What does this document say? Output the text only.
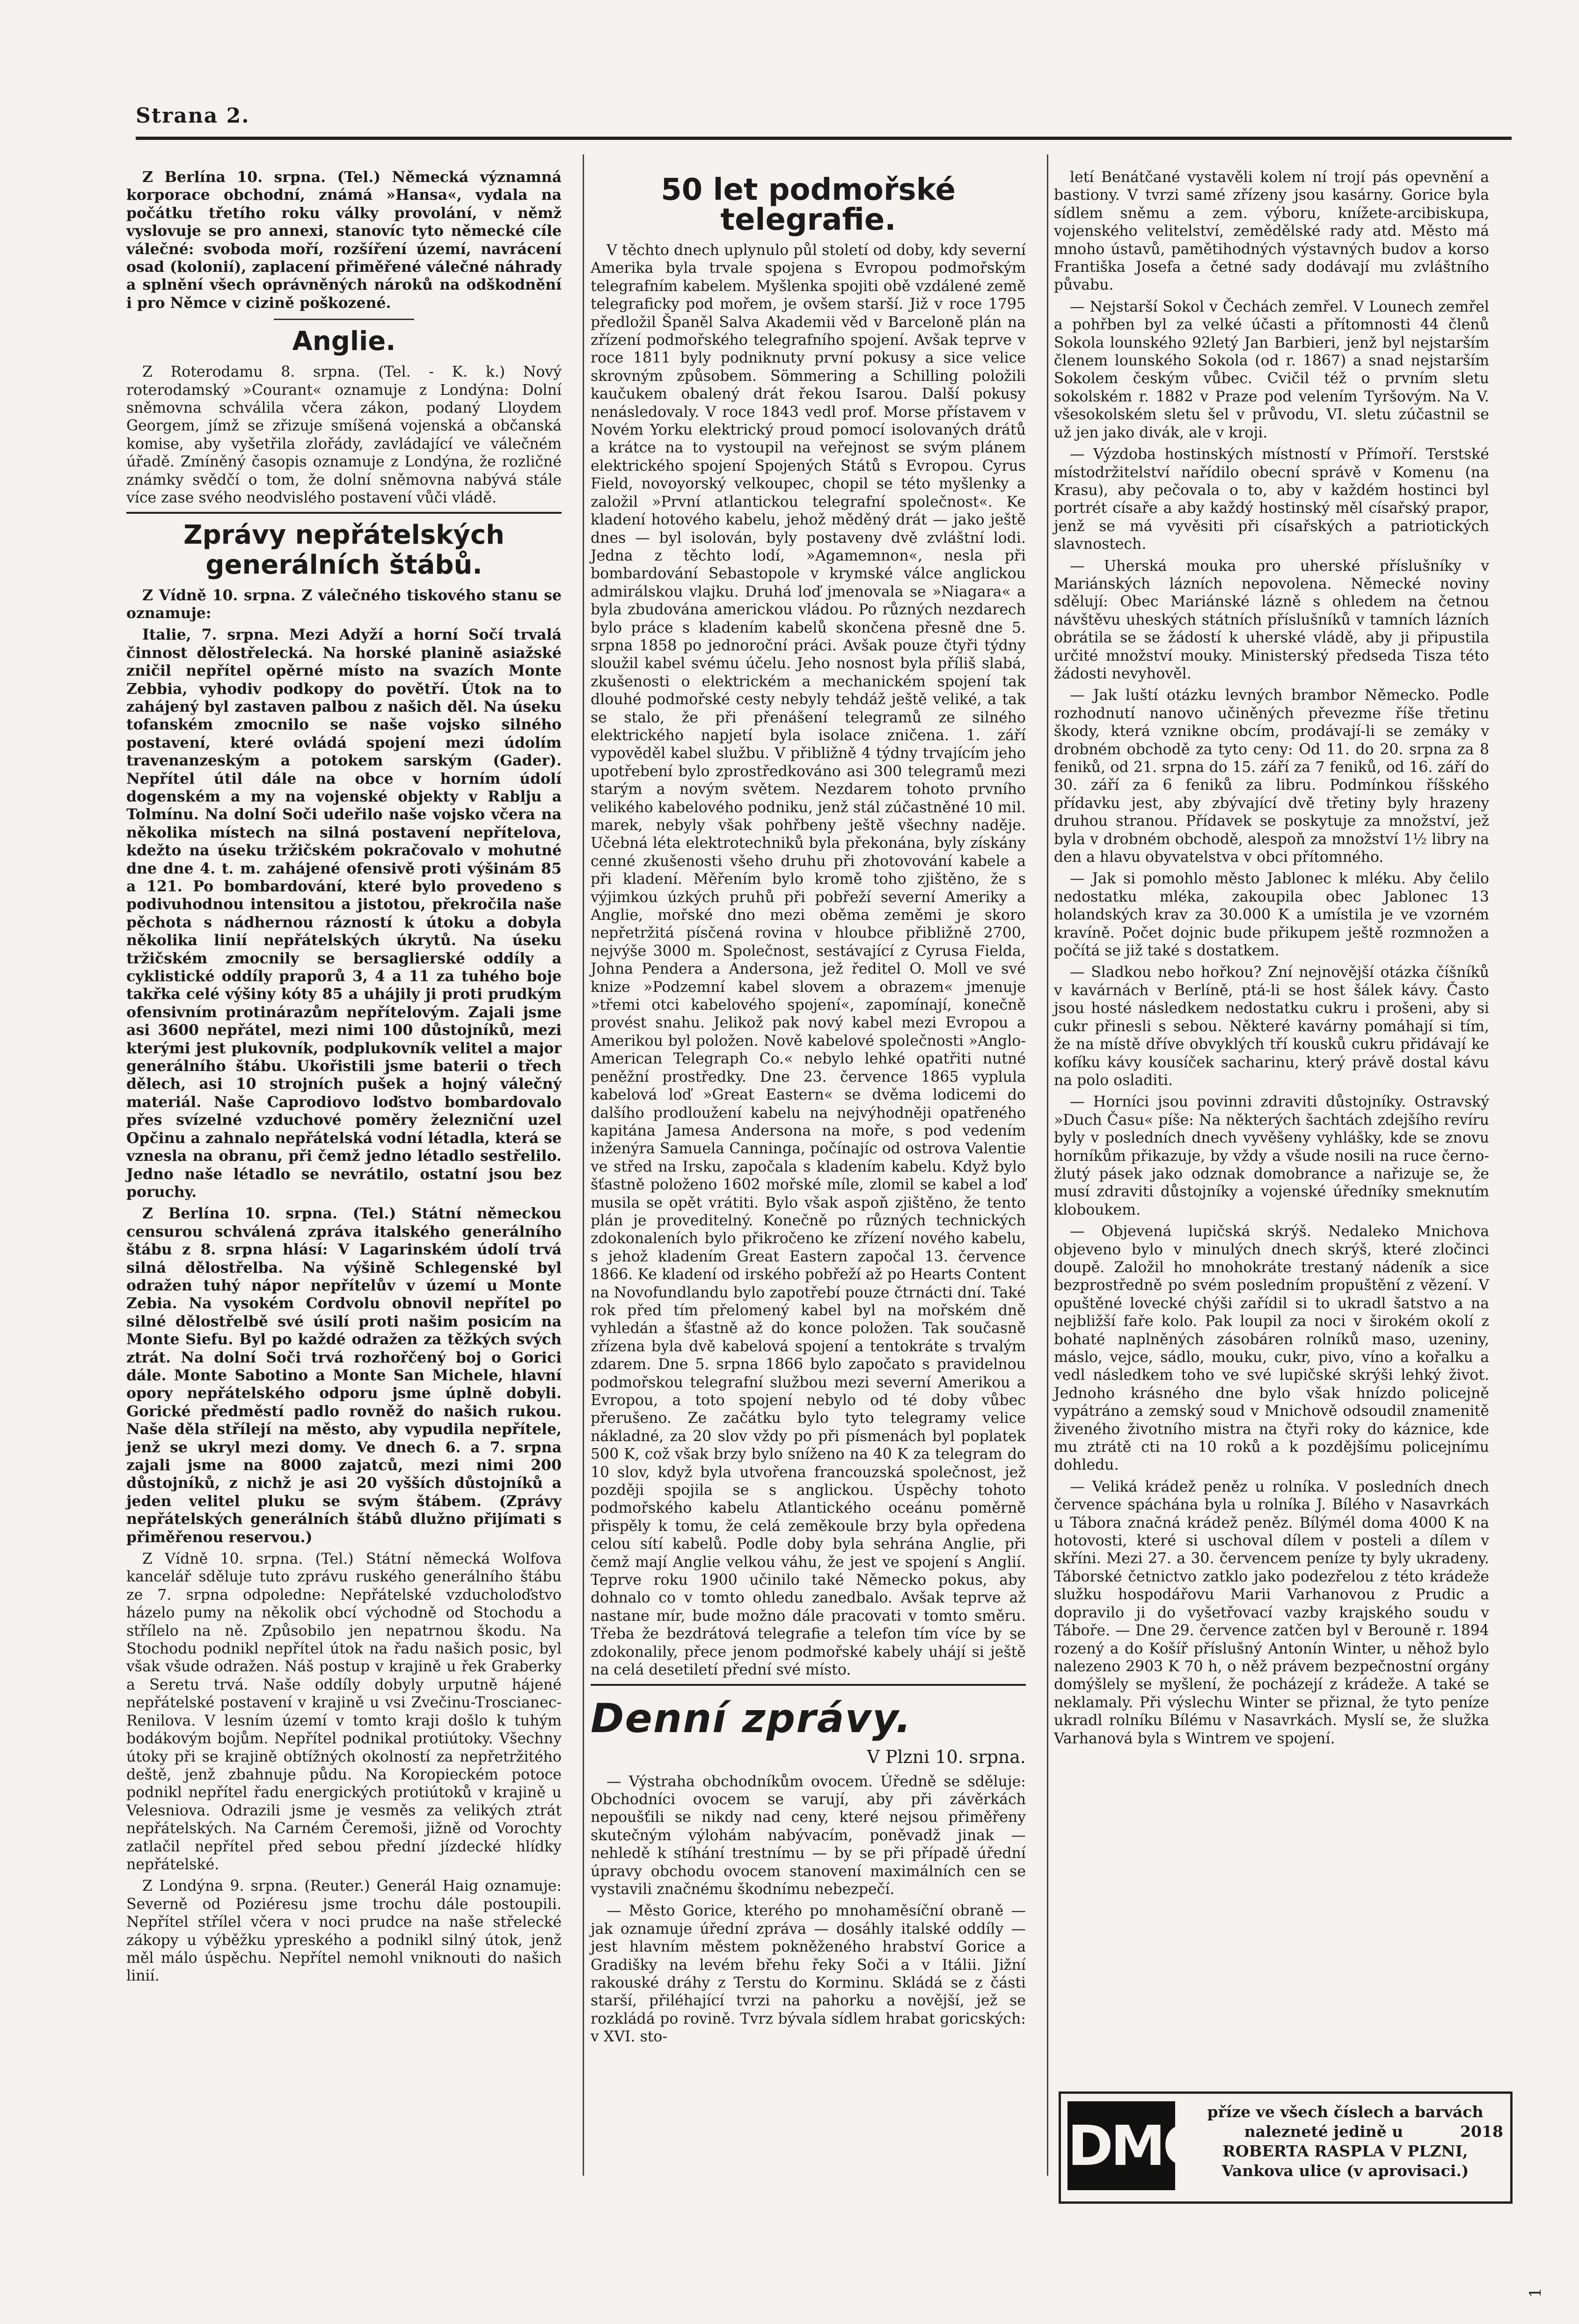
Strana 2.

Z Berlína 10. srpna. (Tel.) Německá významná korporace obchodní, známá »Hansa«, vydala na počátku třetího roku války provolání, v němž vyslovuje se pro annexi, stanovíc tyto německé cíle válečné: svoboda moří, rozšíření území, navrácení osad (kolonií), zaplacení přiměřené válečné náhrady a splnění všech oprávněných nároků na odškodnění i pro Němce v cizině poškozené.

Anglie.

Z Roterodamu 8. srpna. (Tel. - K. k.) Nový roterodamský »Courant« oznamuje z Londýna: Dolní sněmovna schválila včera zákon, podaný Lloydem Georgem, jímž se zřizuje smíšená vojenská a občanská komise, aby vyšetřila zlořády, zavládající ve válečném úřadě. Zmíněný časopis oznamuje z Londýna, že rozličné známky svědčí o tom, že dolní sněmovna nabývá stále více zase svého neodvislého postavení vůči vládě.

Zprávy nepřátelských generálních štábů.

Z Vídně 10. srpna. Z válečného tiskového stanu se oznamuje:

Italie, 7. srpna. Mezi Adyží a horní Sočí trvalá činnost dělostřelecká. Na horské planině asiažské zničil nepřítel opěrné místo na svazích Monte Zebbia, vyhodiv podkopy do povětří. Útok na to zahájený byl zastaven palbou z našich děl. Na úseku tofanském zmocnilo se naše vojsko silného postavení, které ovládá spojení mezi údolím travenanzeským a potokem sarským (Gader). Nepřítel útil dále na obce v horním údolí dogenském a my na vojenské objekty v Rablju a Tolmínu. Na dolní Soči udeřilo naše vojsko včera na několika místech na silná postavení nepřítelova, kdežto na úseku tržičském pokračovalo v mohutné dne dne 4. t. m. zahájené ofensivě proti výšinám 85 a 121. Po bombardování, které bylo provedeno s podivuhodnou intensitou a jistotou, překročila naše pěchota s nádhernou rázností k útoku a dobyla několika linií nepřátelských úkrytů. Na úseku tržičském zmocnily se bersaglierské oddíly a cyklistické oddíly praporů 3, 4 a 11 za tuhého boje takřka celé výšiny kóty 85 a uhájily ji proti prudkým ofensivním protinárazům nepřítelovým. Zajali jsme asi 3600 nepřátel, mezi nimi 100 důstojníků, mezi kterými jest plukovník, podplukovník velitel a major generálního štábu. Ukořistili jsme baterii o třech dělech, asi 10 strojních pušek a hojný válečný materiál. Naše Caprodiovo loďstvo bombardovalo přes svízelné vzduchové poměry železniční uzel Opčinu a zahnalo nepřátelská vodní létadla, která se vznesla na obranu, při čemž jedno létadlo sestřelilo. Jedno naše létadlo se nevrátilo, ostatní jsou bez poruchy.

Z Berlína 10. srpna. (Tel.) Státní německou censurou schválená zpráva italského generálního štábu z 8. srpna hlásí: V Lagarinském údolí trvá silná dělostřelba. Na výšině Schlegenské byl odražen tuhý nápor nepřítelův v území u Monte Zebia. Na vysokém Cordvolu obnovil nepřítel po silné dělostřelbě své úsilí proti našim posicím na Monte Siefu. Byl po každé odražen za těžkých svých ztrát. Na dolní Soči trvá rozhořčený boj o Gorici dále. Monte Sabotino a Monte San Michele, hlavní opory nepřátelského odporu jsme úplně dobyli. Gorické předměstí padlo rovněž do našich rukou. Naše děla střílejí na město, aby vypudila nepřítele, jenž se ukryl mezi domy. Ve dnech 6. a 7. srpna zajali jsme na 8000 zajatců, mezi nimi 200 důstojníků, z nichž je asi 20 vyšších důstojníků a jeden velitel pluku se svým štábem. (Zprávy nepřátelských generálních štábů dlužno přijímati s přiměřenou reservou.)

Z Vídně 10. srpna. (Tel.) Státní německá Wolfova kancelář sděluje tuto zprávu ruského generálního štábu ze 7. srpna odpoledne: Nepřátelské vzducholoďstvo házelo pumy na několik obcí východně od Stochodu a střílelo na ně. Způsobilo jen nepatrnou škodu. Na Stochodu podnikl nepřítel útok na řadu našich posic, byl však všude odražen. Náš postup v krajině u řek Graberky a Seretu trvá. Naše oddíly dobyly urputně hájené nepřátelské postavení v krajině u vsi Zvečinu-Troscianec-Renilova. V lesním území v tomto kraji došlo k tuhým bodákovým bojům. Nepřítel podnikal protiútoky. Všechny útoky při se krajině obtížných okolností za nepřetržitého deště, jenž zbahnuje půdu. Na Koropieckém potoce podnikl nepřítel řadu energických protiútoků v krajině u Velesniova. Odrazili jsme je vesměs za velikých ztrát nepřátelských. Na Carném Čeremoši, jižně od Vorochty zatlačil nepřítel před sebou přední jízdecké hlídky nepřátelské.

Z Londýna 9. srpna. (Reuter.) Generál Haig oznamuje: Severně od Poziéresu jsme trochu dále postoupili. Nepřítel střílel včera v noci prudce na naše střelecké zákopy u výběžku ypreského a podnikl silný útok, jenž měl málo úspěchu. Nepřítel nemohl vniknouti do našich linií.

50 let podmořské telegrafie.

V těchto dnech uplynulo půl století od doby, kdy severní Amerika byla trvale spojena s Evropou podmořským telegrafním kabelem. Myšlenka spojiti obě vzdálené země telegraficky pod mořem, je ovšem starší. Již v roce 1795 předložil Španěl Salva Akademii věd v Barceloně plán na zřízení podmořského telegrafního spojení. Avšak teprve v roce 1811 byly podniknuty první pokusy a sice velice skrovným způsobem. Sömmering a Schilling položili kaučukem obalený drát řekou Isarou. Další pokusy nenásledovaly. V roce 1843 vedl prof. Morse přístavem v Novém Yorku elektrický proud pomocí isolovaných drátů a krátce na to vystoupil na veřejnost se svým plánem elektrického spojení Spojených Států s Evropou. Cyrus Field, novoyorský velkoupec, chopil se této myšlenky a založil »První atlantickou telegrafní společnost«. Ke kladení hotového kabelu, jehož měděný drát — jako ještě dnes — byl isolován, byly postaveny dvě zvláštní lodi. Jedna z těchto lodí, »Agamemnon«, nesla při bombardování Sebastopole v krymské válce anglickou admirálskou vlajku. Druhá loď jmenovala se »Niagara« a byla zbudována americkou vládou. Po různých nezdarech bylo práce s kladením kabelů skončena přesně dne 5. srpna 1858 po jednoroční práci. Avšak pouze čtyři týdny sloužil kabel svému účelu. Jeho nosnost byla příliš slabá, zkušenosti o elektrickém a mechanickém spojení tak dlouhé podmořské cesty nebyly tehdáž ještě veliké, a tak se stalo, že při přenášení telegramů ze silného elektrického napjetí byla isolace zničena. 1. září vypověděl kabel službu. V přibližně 4 týdny trvajícím jeho upotřebení bylo zprostředkováno asi 300 telegramů mezi starým a novým světem. Nezdarem tohoto prvního velikého kabelového podniku, jenž stál zúčastněné 10 mil. marek, nebyly však pohřbeny ještě všechny naděje. Učebná léta elektrotechniků byla překonána, byly získány cenné zkušenosti všeho druhu při zhotovování kabele a při kladení. Měřením bylo kromě toho zjištěno, že s výjimkou úzkých pruhů při pobřeží severní Ameriky a Anglie, mořské dno mezi oběma zeměmi je skoro nepřetržitá písčená rovina v hloubce přibližně 2700, nejvýše 3000 m. Společnost, sestávající z Cyrusa Fielda, Johna Pendera a Andersona, jež ředitel O. Moll ve své knize »Podzemní kabel slovem a obrazem« jmenuje »třemi otci kabelového spojení«, zapomínají, konečně provést snahu. Jelikož pak nový kabel mezi Evropou a Amerikou byl položen. Nově kabelové společnosti »Anglo-American Telegraph Co.« nebylo lehké opatřiti nutné peněžní prostředky. Dne 23. července 1865 vyplula kabelová loď »Great Eastern« se dvěma lodicemi do dalšího prodloužení kabelu na nejvýhodněji opatřeného kapitána Jamesa Andersona na moře, s pod vedením inženýra Samuela Canninga, počínajíc od ostrova Valentie ve střed na Irsku, započala s kladením kabelu. Když bylo šťastně položeno 1602 mořské míle, zlomil se kabel a loď musila se opět vrátiti. Bylo však aspoň zjištěno, že tento plán je proveditelný. Konečně po různých technických zdokonaleních bylo přikročeno ke zřízení nového kabelu, s jehož kladením Great Eastern započal 13. července 1866. Ke kladení od irského pobřeží až po Hearts Content na Novofundlandu bylo zapotřebí pouze čtrnácti dní. Také rok před tím přelomený kabel byl na mořském dně vyhledán a šťastně až do konce položen. Tak současně zřízena byla dvě kabelová spojení a tentokráte s trvalým zdarem. Dne 5. srpna 1866 bylo započato s pravidelnou podmořskou telegrafní službou mezi severní Amerikou a Evropou, a toto spojení nebylo od té doby vůbec přerušeno. Ze začátku bylo tyto telegramy velice nákladné, za 20 slov vždy po při písmenách byl poplatek 500 K, což však brzy bylo sníženo na 40 K za telegram do 10 slov, když byla utvořena francouzská společnost, jež později spojila se s anglickou. Úspěchy tohoto podmořského kabelu Atlantického oceánu poměrně přispěly k tomu, že celá zeměkoule brzy byla opředena celou sítí kabelů. Podle doby byla sehrána Anglie, při čemž mají Anglie velkou váhu, že jest ve spojení s Anglií. Teprve roku 1900 učinilo také Německo pokus, aby dohnalo co v tomto ohledu zanedbalo. Avšak teprve až nastane mír, bude možno dále pracovati v tomto směru. Třeba že bezdrátová telegrafie a telefon tím více by se zdokonalily, přece jenom podmořské kabely uhájí si ještě na celá desetiletí přední své místo.

Denní zprávy.
V Plzni 10. srpna.

— Výstraha obchodníkům ovocem. Úředně se sděluje: Obchodníci ovocem se varují, aby při závěrkách nepoušťili se nikdy nad ceny, které nejsou přiměřeny skutečným výlohám nabývacím, poněvadž jinak — nehledě k stíhání trestnímu — by se při případě úřední úpravy obchodu ovocem stanovení maximálních cen se vystavili značnému škodnímu nebezpečí.

— Město Gorice, kterého po mnohaměsíční obraně — jak oznamuje úřední zpráva — dosáhly italské oddíly — jest hlavním městem pokněženého hrabství Gorice a Gradišky na levém břehu řeky Soči a v Itálii. Jižní rakouské dráhy z Terstu do Korminu. Skládá se z části starší, přiléhající tvrzi na pahorku a novější, jež se rozkládá po rovině. Tvrz bývala sídlem hrabat goricských: v XVI. sto-

letí Benátčané vystavěli kolem ní trojí pás opevnění a bastiony. V tvrzi samé zřízeny jsou kasárny. Gorice byla sídlem sněmu a zem. výboru, knížete-arcibiskupa, vojenského velitelství, zemědělské rady atd. Město má mnoho ústavů, pamětihodných výstavných budov a korso Františka Josefa a četné sady dodávají mu zvláštního půvabu.

— Nejstarší Sokol v Čechách zemřel. V Lounech zemřel a pohřben byl za velké účasti a přítomnosti 44 členů Sokola lounského 92letý Jan Barbieri, jenž byl nejstarším členem lounského Sokola (od r. 1867) a snad nejstarším Sokolem českým vůbec. Cvičil též o prvním sletu sokolském r. 1882 v Praze pod velením Tyršovým. Na V. všesokolském sletu šel v průvodu, VI. sletu zúčastnil se už jen jako divák, ale v kroji.

— Výzdoba hostinských místností v Přímoří. Terstské místodržitelství nařídilo obecní správě v Komenu (na Krasu), aby pečovala o to, aby v každém hostinci byl portrét císaře a aby každý hostinský měl císařský prapor, jenž se má vyvěsiti při císařských a patriotických slavnostech.

— Uherská mouka pro uherské příslušníky v Mariánských lázních nepovolena. Německé noviny sdělují: Obec Mariánské lázně s ohledem na četnou návštěvu uheských státních příslušníků v tamních lázních obrátila se se žádostí k uherské vládě, aby ji připustila určité množství mouky. Ministerský předseda Tisza této žádosti nevyhověl.

— Jak luští otázku levných brambor Německo. Podle rozhodnutí nanovo učiněných převezme říše třetinu škody, která vznikne obcím, prodávají-li se zemáky v drobném obchodě za tyto ceny: Od 11. do 20. srpna za 8 feniků, od 21. srpna do 15. září za 7 feniků, od 16. září do 30. září za 6 feniků za libru. Podmínkou říšského přídavku jest, aby zbývající dvě třetiny byly hrazeny druhou stranou. Přídavek se poskytuje za množství, jež byla v drobném obchodě, alespoň za množství 1½ libry na den a hlavu obyvatelstva v obci přítomného.

— Jak si pomohlo město Jablonec k mléku. Aby čelilo nedostatku mléka, zakoupila obec Jablonec 13 holandských krav za 30.000 K a umístila je ve vzorném kravíně. Počet dojnic bude přikupem ještě rozmnožen a počítá se již také s dostatkem.

— Sladkou nebo hořkou? Zní nejnovější otázka číšníků v kavárnách v Berlíně, ptá-li se host šálek kávy. Často jsou hosté následkem nedostatku cukru i prošeni, aby si cukr přinesli s sebou. Některé kavárny pomáhají si tím, že na místě dříve obvyklých tří kousků cukru přidávají ke kofíku kávy kousíček sacharinu, který právě dostal kávu na polo osladiti.

— Horníci jsou povinni zdraviti důstojníky. Ostravský »Duch Času« píše: Na některých šachtách zdejšího revíru byly v posledních dnech vyvěšeny vyhlášky, kde se znovu horníkům přikazuje, by vždy a všude nosili na ruce černo-žlutý pásek jako odznak domobrance a nařizuje se, že musí zdraviti důstojníky a vojenské úředníky smeknutím kloboukem.

— Objevená lupičská skrýš. Nedaleko Mnichova objeveno bylo v minulých dnech skrýš, které zločinci doupě. Založil ho mnohokráte trestaný nádeník a sice bezprostředně po svém posledním propuštění z vězení. V opuštěné lovecké chýši zařídil si to ukradl šatstvo a na nejbližší faře kolo. Pak loupil za noci v širokém okolí z bohaté naplněných zásobáren rolníků maso, uzeniny, máslo, vejce, sádlo, mouku, cukr, pivo, víno a kořalku a vedl následkem toho ve své lupičské skrýši lehký život. Jednoho krásného dne bylo však hnízdo policejně vypátráno a zemský soud v Mnichově odsoudil znamenitě živeného životního mistra na čtyři roky do káznice, kde mu ztrátě cti na 10 roků a k pozdějšímu policejnímu dohledu.

— Veliká krádež peněz u rolníka. V posledních dnech července spáchána byla u rolníka J. Bílého v Nasavrkách u Tábora značná krádež peněz. Bílýmél doma 4000 K na hotovosti, které si uschoval dílem v posteli a dílem v skříni. Mezi 27. a 30. červencem peníze ty byly ukradeny. Táborské četnictvo zatklo jako podezřelou z této krádeže služku hospodářovu Marii Varhanovou z Prudic a dopravilo ji do vyšetřovací vazby krajského soudu v Táboře. — Dne 29. července zatčen byl v Berouně r. 1894 rozený a do Košíř příslušný Antonín Winter, u něhož bylo nalezeno 2903 K 70 h, o něž právem bezpečnostní orgány domýšlely se myšlení, že pocházejí z krádeže. A také se neklamaly. Při výslechu Winter se přiznal, že tyto peníze ukradl rolníku Bílému v Nasavrkách. Myslí se, že služka Varhanová byla s Wintrem ve spojení.

DMC
příze ve všech číslech a barvách
nalezneté jedině u	2018
ROBERTA RASPLA V PLZNI,
Vankova ulice (v aprovisaci.)
1
